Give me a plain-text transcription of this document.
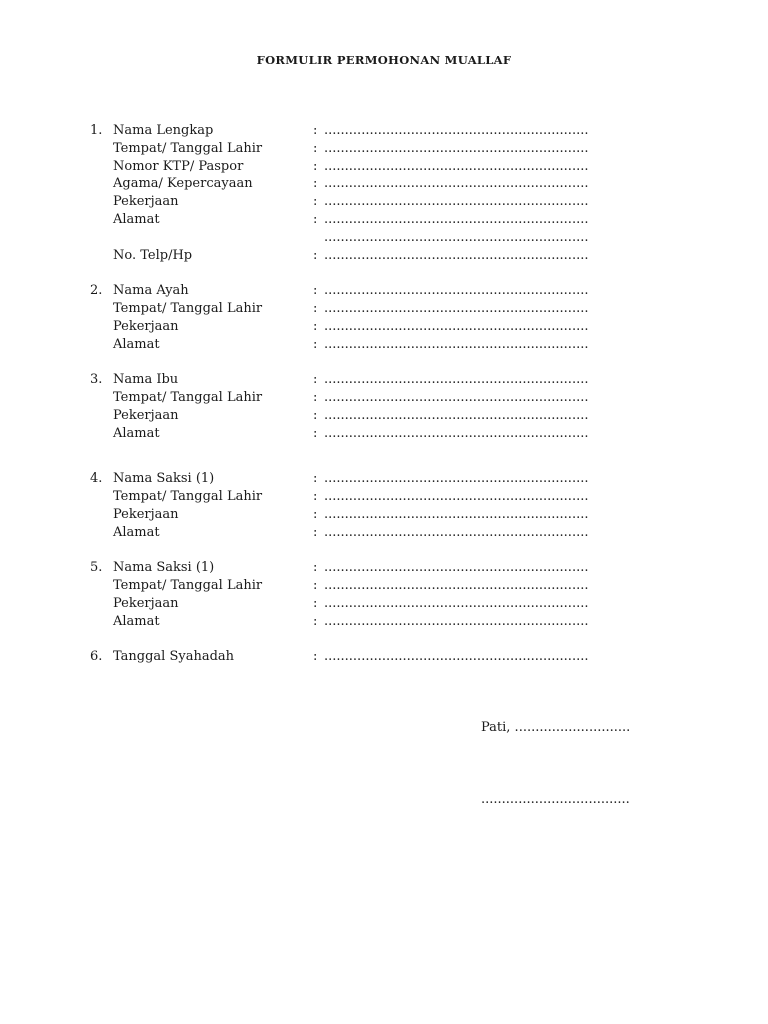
FORMULIR PERMOHONAN MUALLAF
1. Nama Lengkap	: ................................................................
Tempat/ Tanggal Lahir	: ................................................................
Nomor KTP/ Paspor	: ................................................................
Agama/ Kepercayaan	: ................................................................
Pekerjaan	: ................................................................
Alamat	: ................................................................
................................................................
No. Telp/Hp	: ................................................................
2. Nama Ayah	: ................................................................
Tempat/ Tanggal Lahir	: ................................................................
Pekerjaan	: ................................................................
Alamat	: ................................................................
3. Nama Ibu	: ................................................................
Tempat/ Tanggal Lahir	: ................................................................
Pekerjaan	: ................................................................
Alamat	: ................................................................
4. Nama Saksi (1)	: ................................................................
Tempat/ Tanggal Lahir	: ................................................................
Pekerjaan	: ................................................................
Alamat	: ................................................................
5. Nama Saksi (1)	: ................................................................
Tempat/ Tanggal Lahir	: ................................................................
Pekerjaan	: ................................................................
Alamat	: ................................................................
6. Tanggal Syahadah	: ................................................................
Pati, ............................
....................................
